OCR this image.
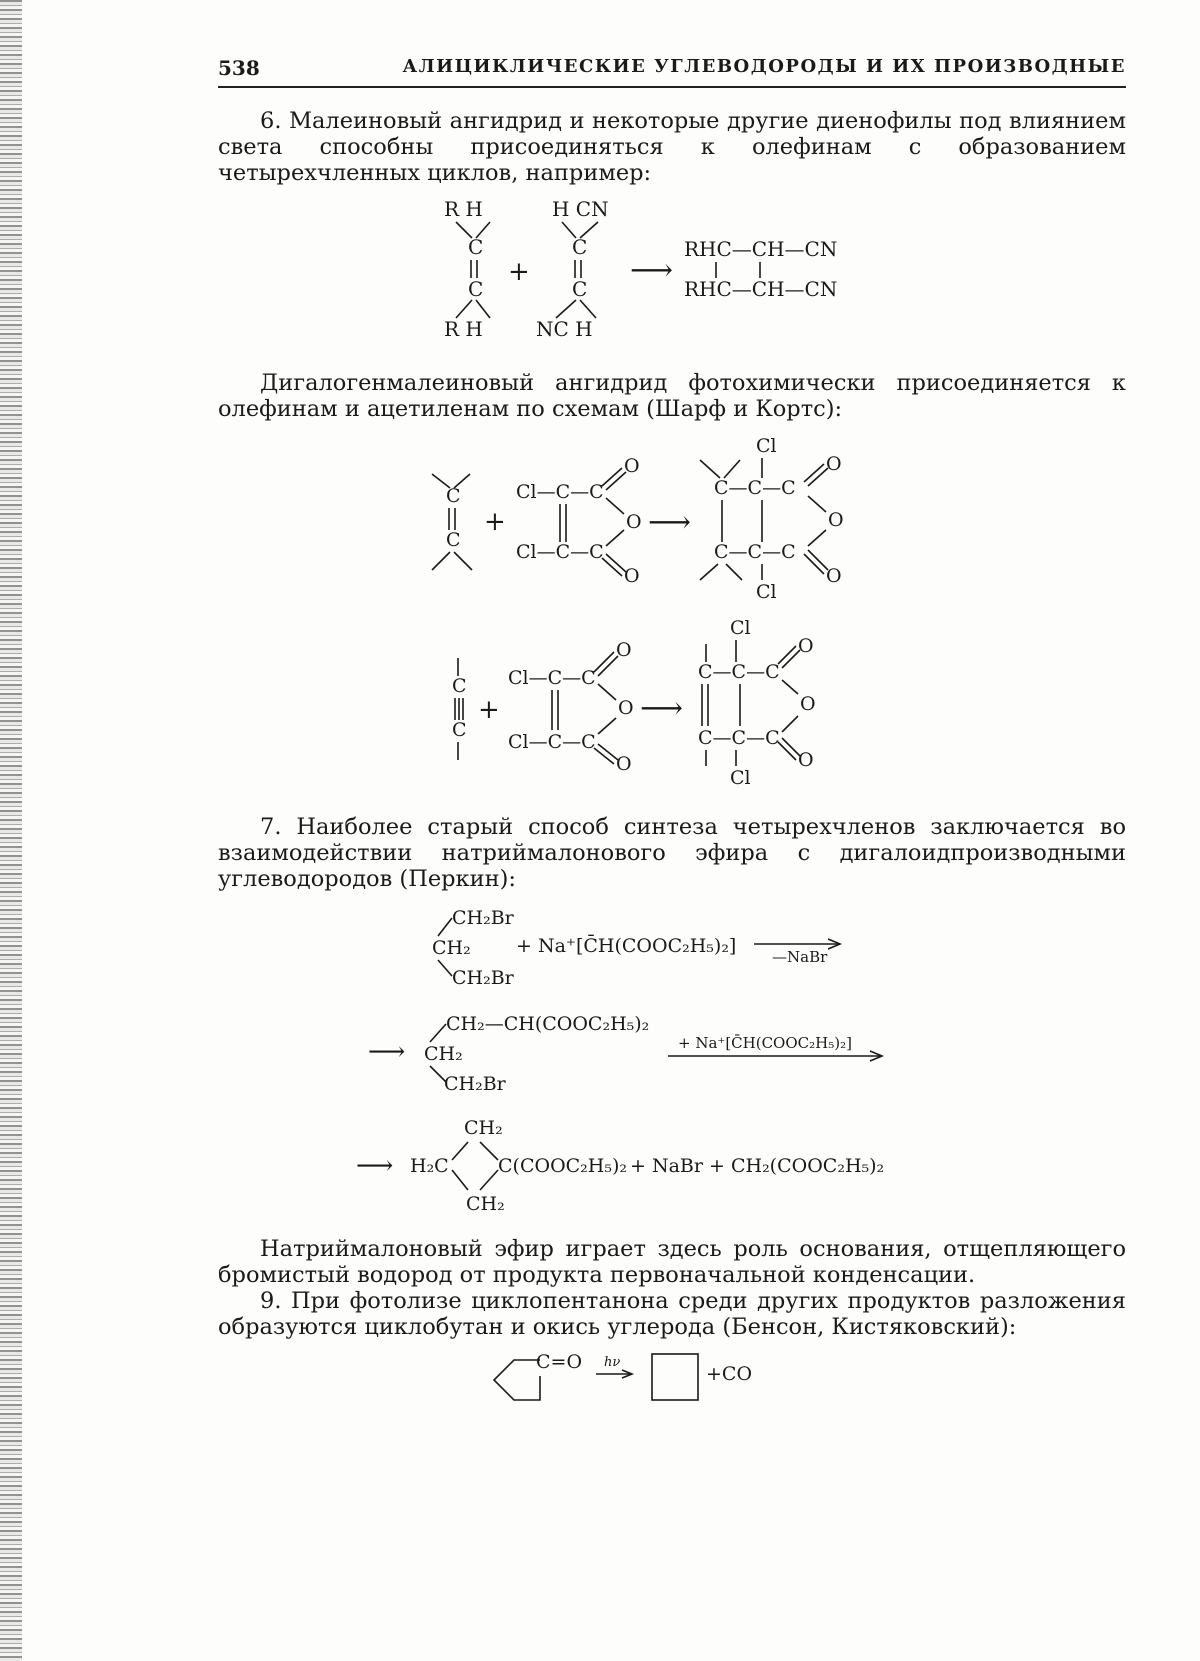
538	АЛИЦИКЛИЧЕСКИЕ УГЛЕВОДОРОДЫ И ИХ ПРОИЗВОДНЫЕ

6. Малеиновый ангидрид и некоторые другие диенофилы под влиянием света способны присоединяться к олефинам с образованием четырехчленных циклов, например:

R H
C
C
R H
+
H CN
C
C
NC H
⟶
RHC—CH—CN
RHC—CH—CN

Дигалогенмалеиновый ангидрид фотохимически присоединяется к олефинам и ацетиленам по схемам (Шарф и Кортс):

C
C
+
Cl—C—C
Cl—C—C
O
O
O
⟶
Cl
C—C—C
C—C—C
Cl
O
O
O
C
C
+
Cl—C—C
Cl—C—C
O
O
O
⟶
Cl
C—C—C
C—C—C
Cl
O
O
O

7. Наиболее старый способ синтеза четырехчленов заключается во взаимодействии натриймалонового эфира с дигалоидпроизводными углеводородов (Перкин):

CH₂Br
CH₂
CH₂Br
+ Na⁺[C̄H(COOC₂H₅)₂] —NaBr
⟶
CH₂—CH(COOC₂H₅)₂
CH₂
CH₂Br
+ Na⁺[C̄H(COOC₂H₅)₂]
⟶
CH₂
H₂C	C(COOC₂H₅)₂
CH₂
+ NaBr + CH₂(COOC₂H₅)₂

Натриймалоновый эфир играет здесь роль основания, отщепляющего бромистый водород от продукта первоначальной конденсации.

9. При фотолизе циклопентанона среди других продуктов разложения образуются циклобутан и окись углерода (Бенсон, Кистяковский):

C=O hν
+CO
